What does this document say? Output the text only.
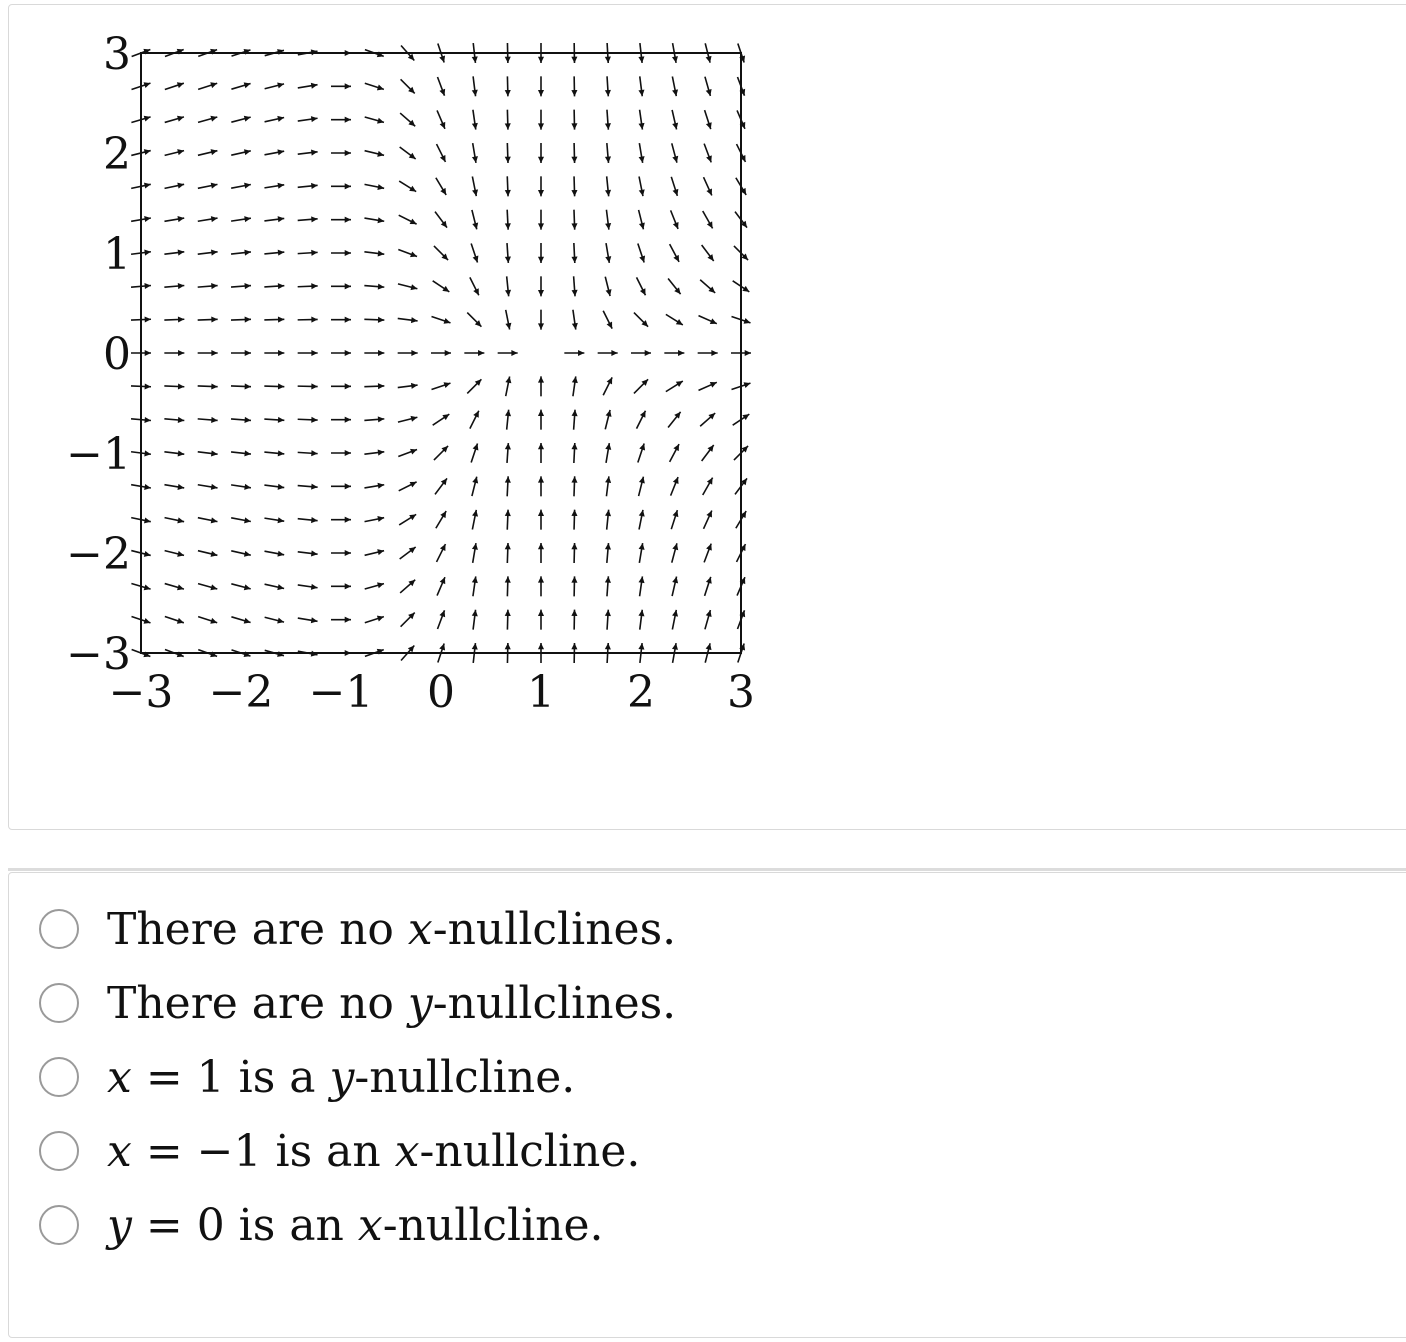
3
2
1
0
−1
−2
−3
−3 −2 −1 0 1 2 3
There are no x-nullclines.
There are no y-nullclines.
x = 1 is a y-nullcline.
x = −1 is an x-nullcline.
y = 0 is an x-nullcline.
